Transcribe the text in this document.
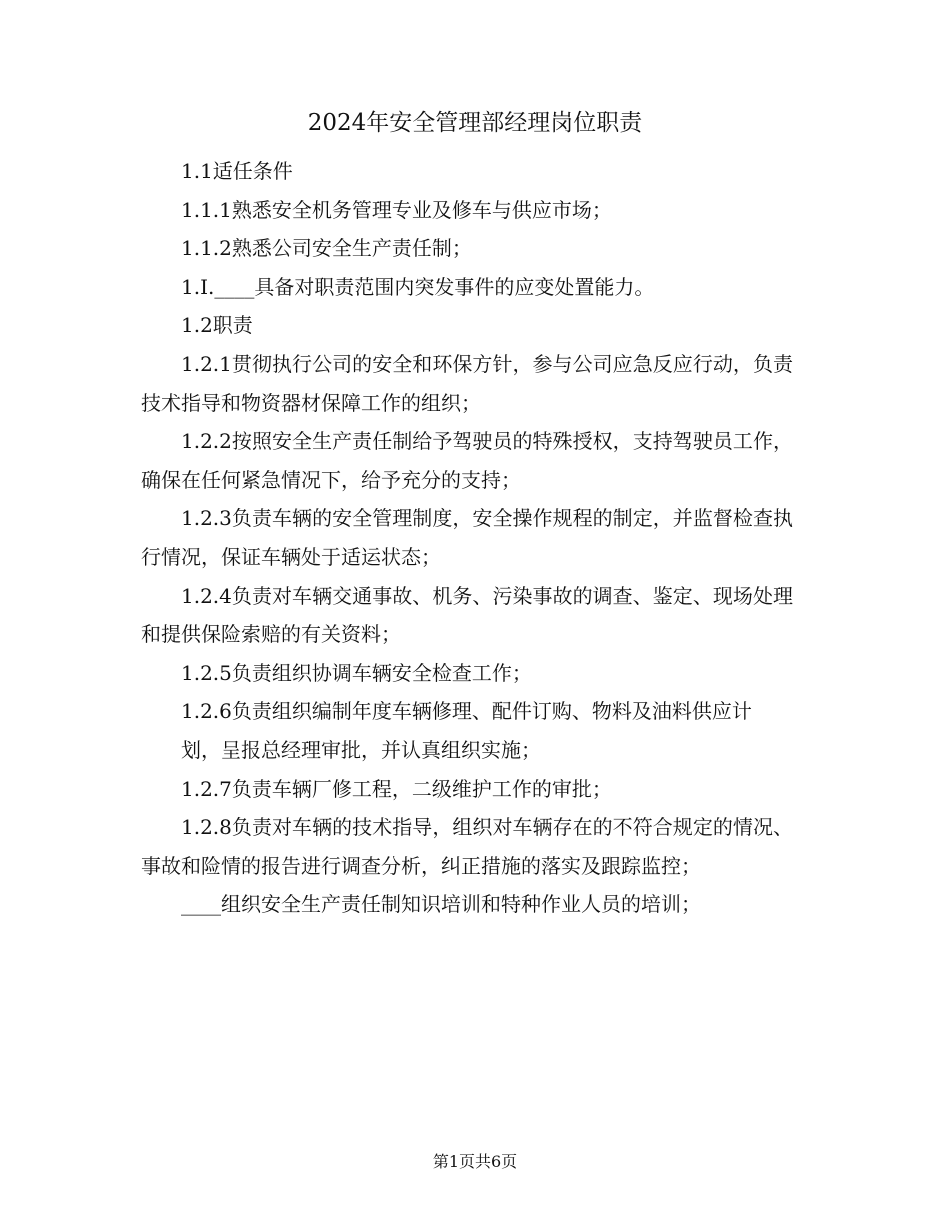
2024年安全管理部经理岗位职责

1.1适任条件

1.1.1熟悉安全机务管理专业及修车与供应市场；

1.1.2熟悉公司安全生产责任制；

1.I.____具备对职责范围内突发事件的应变处置能力。

1.2职责

1.2.1贯彻执行公司的安全和环保方针，参与公司应急反应行动，负责技术指导和物资器材保障工作的组织；

1.2.2按照安全生产责任制给予驾驶员的特殊授权，支持驾驶员工作，确保在任何紧急情况下，给予充分的支持；

1.2.3负责车辆的安全管理制度，安全操作规程的制定，并监督检查执行情况，保证车辆处于适运状态；

1.2.4负责对车辆交通事故、机务、污染事故的调查、鉴定、现场处理和提供保险索赔的有关资料；

1.2.5负责组织协调车辆安全检查工作；

1.2.6负责组织编制年度车辆修理、配件订购、物料及油料供应计

划，呈报总经理审批，并认真组织实施；

1.2.7负责车辆厂修工程，二级维护工作的审批；

1.2.8负责对车辆的技术指导，组织对车辆存在的不符合规定的情况、事故和险情的报告进行调查分析，纠正措施的落实及跟踪监控；

____组织安全生产责任制知识培训和特种作业人员的培训；

第1页共6页
